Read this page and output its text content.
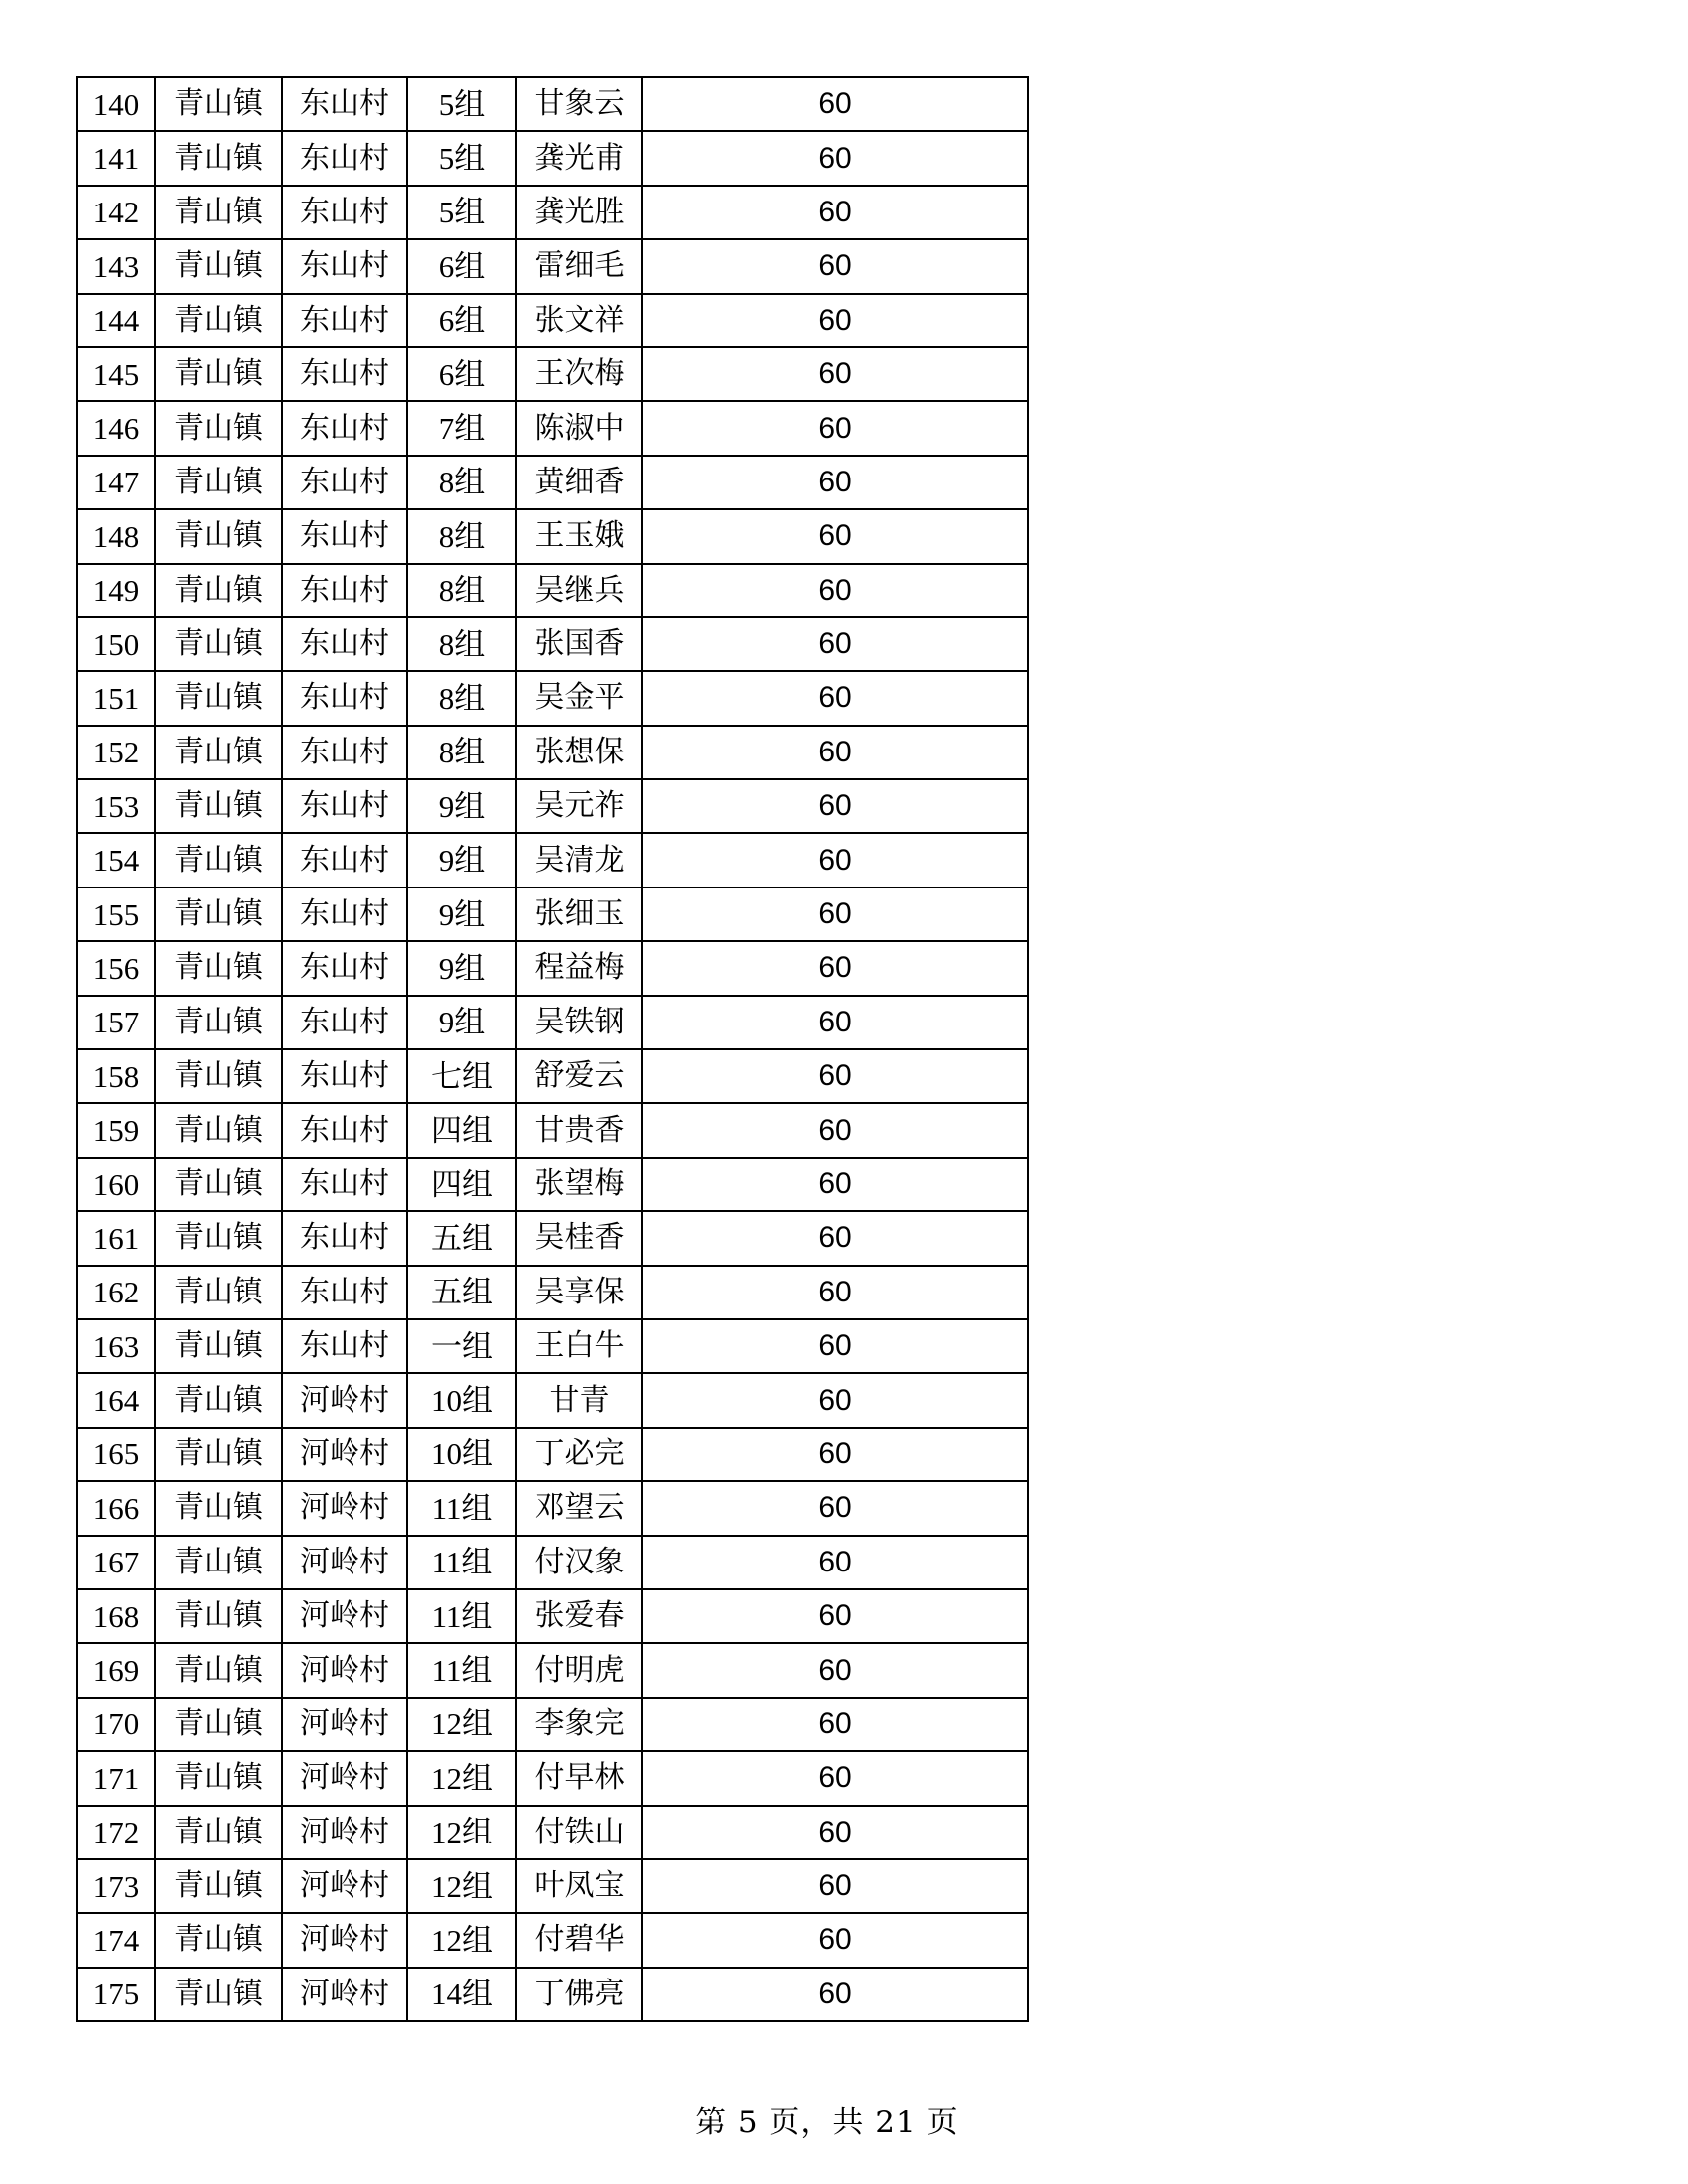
140	青山镇	东山村	5组	甘象云	60
141	青山镇	东山村	5组	龚光甫	60
142	青山镇	东山村	5组	龚光胜	60
143	青山镇	东山村	6组	雷细毛	60
144	青山镇	东山村	6组	张文祥	60
145	青山镇	东山村	6组	王次梅	60
146	青山镇	东山村	7组	陈淑中	60
147	青山镇	东山村	8组	黄细香	60
148	青山镇	东山村	8组	王玉娥	60
149	青山镇	东山村	8组	吴继兵	60
150	青山镇	东山村	8组	张国香	60
151	青山镇	东山村	8组	吴金平	60
152	青山镇	东山村	8组	张想保	60
153	青山镇	东山村	9组	吴元祚	60
154	青山镇	东山村	9组	吴清龙	60
155	青山镇	东山村	9组	张细玉	60
156	青山镇	东山村	9组	程益梅	60
157	青山镇	东山村	9组	吴铁钢	60
158	青山镇	东山村	七组	舒爱云	60
159	青山镇	东山村	四组	甘贵香	60
160	青山镇	东山村	四组	张望梅	60
161	青山镇	东山村	五组	吴桂香	60
162	青山镇	东山村	五组	吴享保	60
163	青山镇	东山村	一组	王白牛	60
164	青山镇	河岭村	10组	甘青	60
165	青山镇	河岭村	10组	丁必完	60
166	青山镇	河岭村	11组	邓望云	60
167	青山镇	河岭村	11组	付汉象	60
168	青山镇	河岭村	11组	张爱春	60
169	青山镇	河岭村	11组	付明虎	60
170	青山镇	河岭村	12组	李象完	60
171	青山镇	河岭村	12组	付早林	60
172	青山镇	河岭村	12组	付铁山	60
173	青山镇	河岭村	12组	叶凤宝	60
174	青山镇	河岭村	12组	付碧华	60
175	青山镇	河岭村	14组	丁佛亮	60
第 5 页，共 21 页
